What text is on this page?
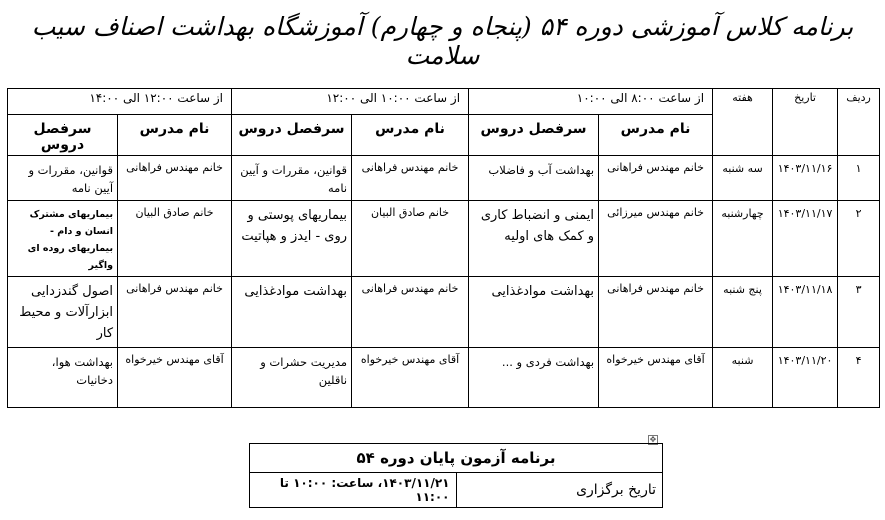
برنامه کلاس آموزشی دوره ۵۴ (پنجاه و چهارم) آموزشگاه بهداشت اصناف سیب سلامت
ردیف	تاریخ	هفته	از ساعت ۸:۰۰ الی ۱۰:۰۰		از ساعت ۱۰:۰۰ الی ۱۲:۰۰		از ساعت ۱۲:۰۰ الی ۱۴:۰۰	
			نام مدرس	سرفصل دروس	نام مدرس	سرفصل دروس	نام مدرس	سرفصل دروس
۱	۱۴۰۳/۱۱/۱۶	سه شنبه	خانم مهندس فراهانی	بهداشت آب و فاضلاب	خانم مهندس فراهانی	قوانین، مقررات و آیین نامه	خانم مهندس فراهانی	قوانین، مقررات و آیین نامه
۲	۱۴۰۳/۱۱/۱۷	چهارشنبه	خانم مهندس میرزائی	ایمنی و انضباط کاری و کمک های اولیه	خانم صادق البیان	بیماریهای پوستی و روی - ایدز و هپاتیت	خانم صادق البیان	بیماریهای مشترک انسان و دام - بیماریهای روده ای واگیر
۳	۱۴۰۳/۱۱/۱۸	پنج شنبه	خانم مهندس فراهانی	بهداشت موادغذایی	خانم مهندس فراهانی	بهداشت موادغذایی	خانم مهندس فراهانی	اصول گندزدایی ابزارآلات و محیط کار
۴	۱۴۰۳/۱۱/۲۰	شنبه	آقای مهندس خیرخواه	بهداشت فردی و ...	آقای مهندس خیرخواه	مدیریت حشرات و ناقلین	آقای مهندس خیرخواه	بهداشت هوا، دخانیات
✥
برنامه آزمون پایان دوره ۵۴
تاریخ برگزاری	۱۴۰۳/۱۱/۲۱، ساعت: ۱۰:۰۰ تا ۱۱:۰۰
